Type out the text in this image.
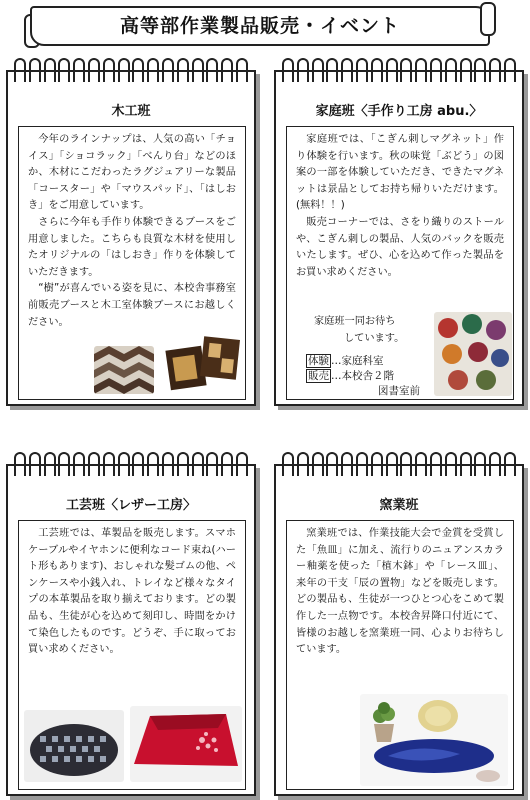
高等部作業製品販売・イベント
木工班

今年のラインナップは、人気の高い「チョイス」「ショコラック」「べんり台」などのほか、木材にこだわったラグジュアリーな製品「コースター」や「マウスパッド」、「はしおき」をご用意しています。

さらに今年も手作り体験できるブースをご用意しました。こちらも良質な木材を使用したオリジナルの「はしおき」作りを体験していただきます。

“樹”が喜んでいる姿を見に、本校舎事務室前販売ブースと木工室体験ブースにお越しください。

家庭班〈手作り工房 abu.〉

家庭班では、「こぎん刺しマグネット」作り体験を行います。秋の味覚「ぶどう」の図案の一部を体験していただき、できたマグネットは景品としてお持ち帰りいただけます。(無料！！)

販売コーナーでは、さをり織りのストールや、こぎん刺しの製品、人気のバックを販売いたします。ぜひ、心を込めて作った製品をお買い求めください。

家庭班一同お待ち
しています。
体験 …家庭科室
販売 …本校舎２階
図書室前
工芸班〈レザー工房〉

工芸班では、革製品を販売します。スマホケーブルやイヤホンに便利なコード束ね(ハート形もあります)、おしゃれな髪ゴムの他、ペンケースや小銭入れ、トレイなど様々なタイプの本革製品を取り揃えております。どの製品も、生徒が心を込めて刻印し、時間をかけて染色したものです。どうぞ、手に取ってお買い求めください。

窯業班

窯業班では、作業技能大会で金賞を受賞した「魚皿」に加え、流行りのニュアンスカラー釉薬を使った「植木鉢」や「レース皿」、来年の干支「辰の置物」などを販売します。どの製品も、生徒が一つひとつ心をこめて製作した一点物です。本校舎昇降口付近にて、皆様のお越しを窯業班一同、心よりお待ちしています。
